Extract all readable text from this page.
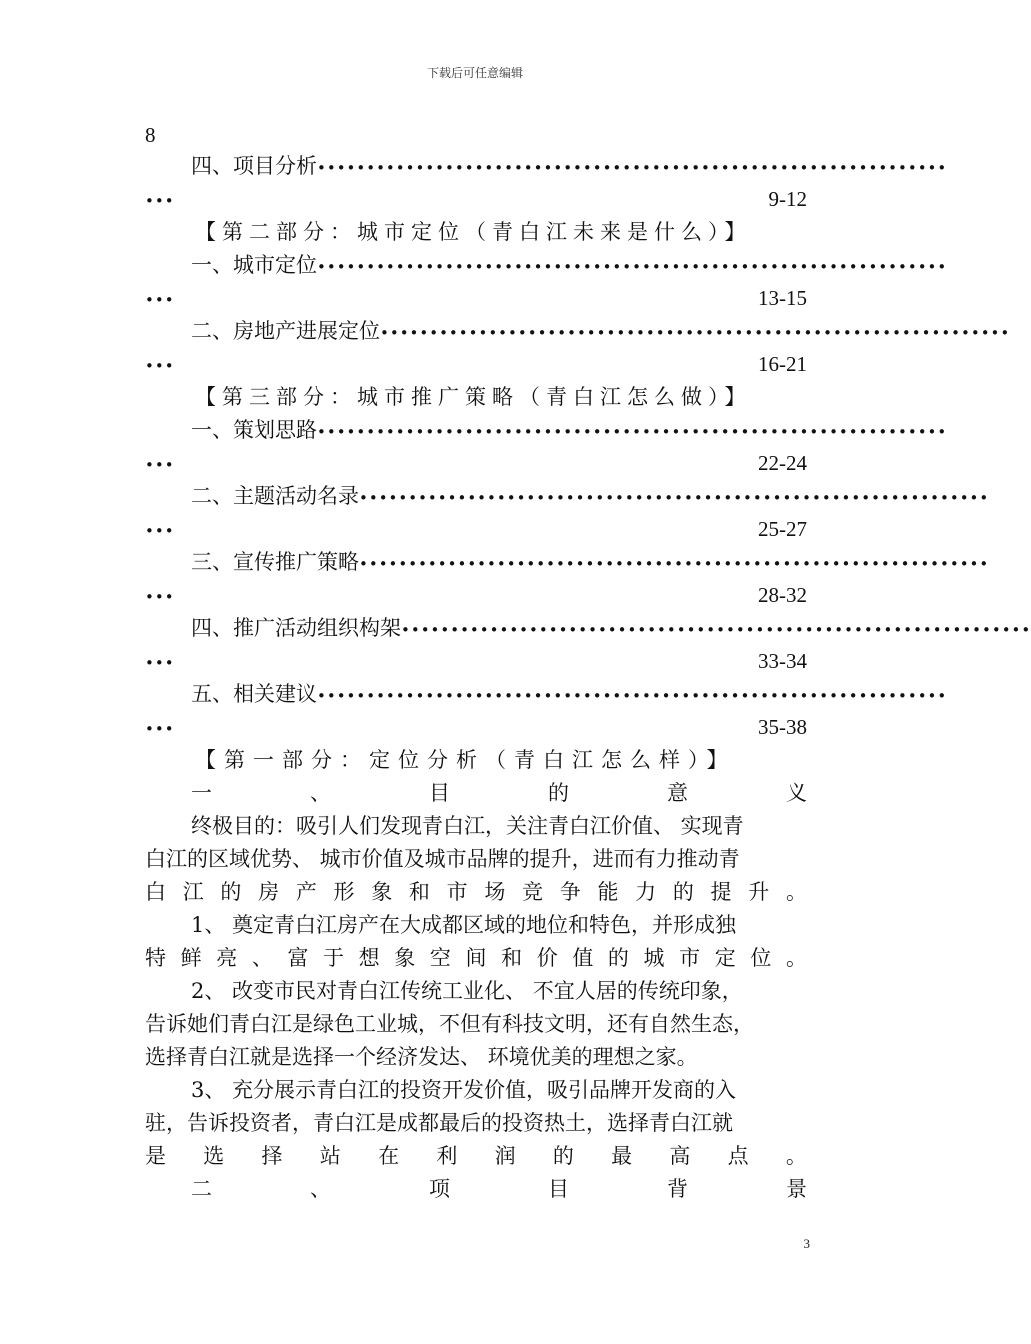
下载后可任意编辑
8
四、 项目分析 ••••••••••••••••••••••••••••••••••••••••••••••••••••••••••••••••
•••	9-12
【第二部分：城市定位（青白江未来是什么）】
一、 城市定位 ••••••••••••••••••••••••••••••••••••••••••••••••••••••••••••••••
•••	13-15
二、 房地产进展定位 ••••••••••••••••••••••••••••••••••••••••••••••••••••••••••••••••
•••	16-21
【第三部分：城市推广策略（青白江怎么做）】
一、 策划思路 ••••••••••••••••••••••••••••••••••••••••••••••••••••••••••••••••
•••	22-24
二、 主题活动名录 ••••••••••••••••••••••••••••••••••••••••••••••••••••••••••••••••
•••	25-27
三、 宣传推广策略 ••••••••••••••••••••••••••••••••••••••••••••••••••••••••••••••••
•••	28-32
四、 推广活动组织构架 ••••••••••••••••••••••••••••••••••••••••••••••••••••••••••••••••
•••	33-34
五、 相关建议 ••••••••••••••••••••••••••••••••••••••••••••••••••••••••••••••••
•••	35-38
【第一部分：定位分析（青白江怎么样）】
一	、	目	的	意	义
终极目的：吸引人们发现青白江，关注青白江价值、 实现青
白江的区域优势、 城市价值及城市品牌的提升，进而有力推动青
白 江 的 房 产 形 象 和 市 场 竞 争 能 力 的 提 升 。
1、 奠定青白江房产在大成都区域的地位和特色，并形成独
特 鲜 亮 、 富 于 想 象 空 间 和 价 值 的 城 市 定 位 。
2、 改变市民对青白江传统工业化、 不宜人居的传统印象，
告诉她们青白江是绿色工业城，不但有科技文明，还有自然生态，
选择青白江就是选择一个经济发达、 环境优美的理想之家。
3、 充分展示青白江的投资开发价值，吸引品牌开发商的入
驻，告诉投资者，青白江是成都最后的投资热土，选择青白江就
是 选 择 站 在 利 润 的 最 高 点 。
二	、	项	目	背	景
3
